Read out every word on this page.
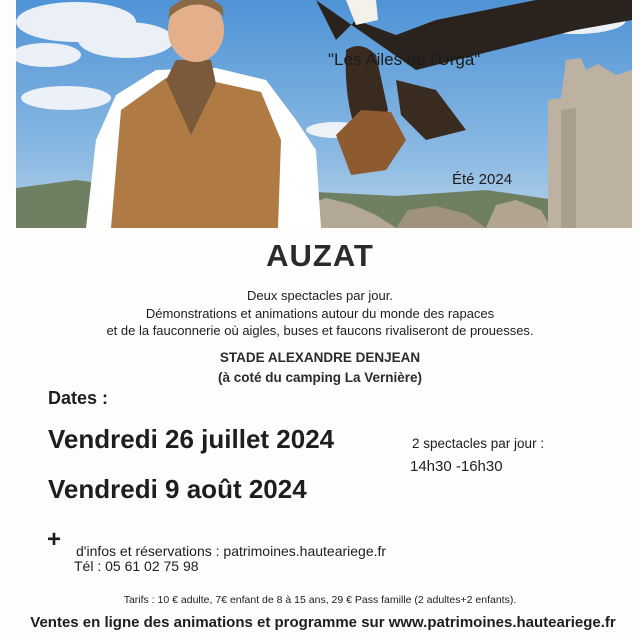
"Les Ailes de l'Urga"
Été 2024
AUZAT
Deux spectacles par jour.
Démonstrations et animations autour du monde des rapaces
et de la fauconnerie où aigles, buses et faucons rivaliseront de prouesses.
STADE ALEXANDRE DENJEAN
(à coté du camping La Vernière)
Dates :
Vendredi 26 juillet 2024
Vendredi 9 août 2024
2 spectacles par jour :
14h30 -16h30
+ d'infos et réservations : patrimoines.hauteariege.fr
Tél : 05 61 02 75 98
Tarifs : 10 € adulte, 7€ enfant de 8 à 15 ans, 29 € Pass famille (2 adultes+2 enfants).
Ventes en ligne des animations et programme sur www.patrimoines.hauteariege.fr
